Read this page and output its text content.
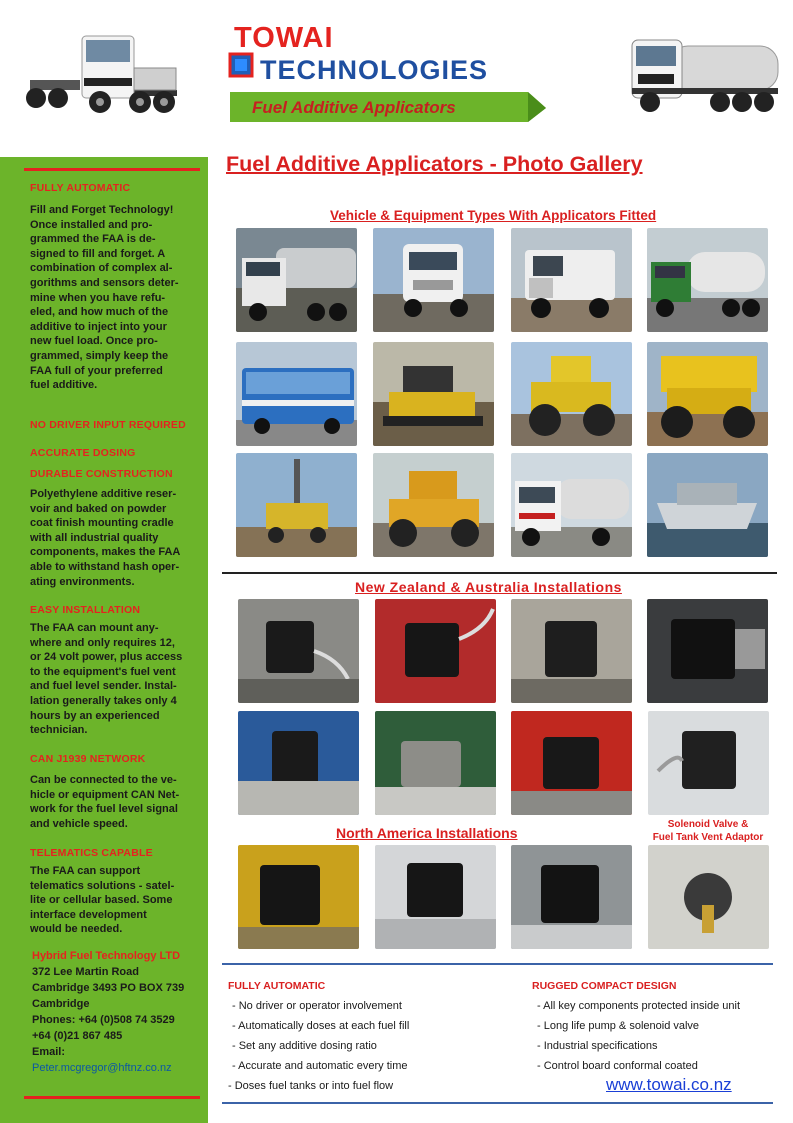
TOWAI
TECHNOLOGIES
Fuel Additive Applicators
FULLY AUTOMATIC
Fill and Forget Technology!
Once installed and pro-
grammed the FAA is de-
signed to fill and forget. A
combination of complex al-
gorithms and sensors deter-
mine when you have refu-
eled, and how much of the
additive to inject into your
new fuel load. Once pro-
grammed, simply keep the
FAA full of your preferred
fuel additive.
NO DRIVER INPUT REQUIRED
ACCURATE DOSING
DURABLE CONSTRUCTION
Polyethylene additive reser-
voir and baked on powder
coat finish mounting cradle
with all industrial quality
components, makes the FAA
able to withstand hash oper-
ating environments.
EASY INSTALLATION
The FAA can mount any-
where and only requires 12,
or 24 volt power, plus access
to the equipment's fuel vent
and fuel level sender. Instal-
lation generally takes only 4
hours by an experienced
technician.
CAN J1939 NETWORK
Can be connected to the ve-
hicle or equipment CAN Net-
work for the fuel level signal
and vehicle speed.
TELEMATICS CAPABLE
The FAA can support
telematics solutions - satel-
lite or cellular based. Some
interface development
would be needed.
Hybrid Fuel Technology LTD
372 Lee Martin Road
Cambridge 3493 PO BOX 739
Cambridge
Phones: +64 (0)508 74 3529
+64 (0)21 867 485
Email:
Peter.mcgregor@hftnz.co.nz
Fuel Additive Applicators - Photo Gallery
Vehicle & Equipment Types With Applicators Fitted
New Zealand & Australia Installations
North America Installations
Solenoid Valve &
Fuel Tank Vent Adaptor
FULLY AUTOMATIC
- No driver or operator involvement
- Automatically doses at each fuel fill
- Set any additive dosing ratio
- Accurate and automatic every time
- Doses fuel tanks or into fuel flow
RUGGED COMPACT DESIGN
- All key components protected inside unit
- Long life pump & solenoid valve
- Industrial specifications
- Control board conformal coated
www.towai.co.nz
